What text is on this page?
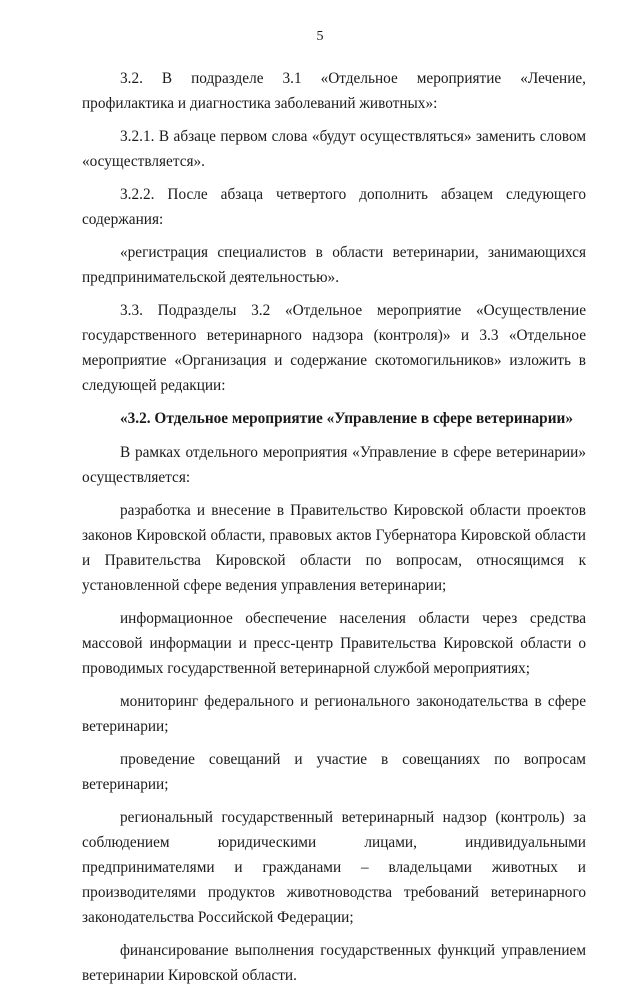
5

3.2. В подразделе 3.1 «Отдельное мероприятие «Лечение, профилактика и диагностика заболеваний животных»:

3.2.1. В абзаце первом слова «будут осуществляться» заменить словом «осуществляется».

3.2.2. После абзаца четвертого дополнить абзацем следующего содержания:

«регистрация специалистов в области ветеринарии, занимающихся предпринимательской деятельностью».

3.3. Подразделы 3.2 «Отдельное мероприятие «Осуществление государственного ветеринарного надзора (контроля)» и 3.3 «Отдельное мероприятие «Организация и содержание скотомогильников» изложить в следующей редакции:

«3.2. Отдельное мероприятие «Управление в сфере ветеринарии»

В рамках отдельного мероприятия «Управление в сфере ветеринарии» осуществляется:

разработка и внесение в Правительство Кировской области проектов законов Кировской области, правовых актов Губернатора Кировской области и Правительства Кировской области по вопросам, относящимся к установленной сфере ведения управления ветеринарии;

информационное обеспечение населения области через средства массовой информации и пресс-центр Правительства Кировской области о проводимых государственной ветеринарной службой мероприятиях;

мониторинг федерального и регионального законодательства в сфере ветеринарии;

проведение совещаний и участие в совещаниях по вопросам ветеринарии;

региональный государственный ветеринарный надзор (контроль) за соблюдением юридическими лицами, индивидуальными предпринимателями и гражданами – владельцами животных и производителями продуктов животноводства требований ветеринарного законодательства Российской Федерации;

финансирование выполнения государственных функций управлением ветеринарии Кировской области.
